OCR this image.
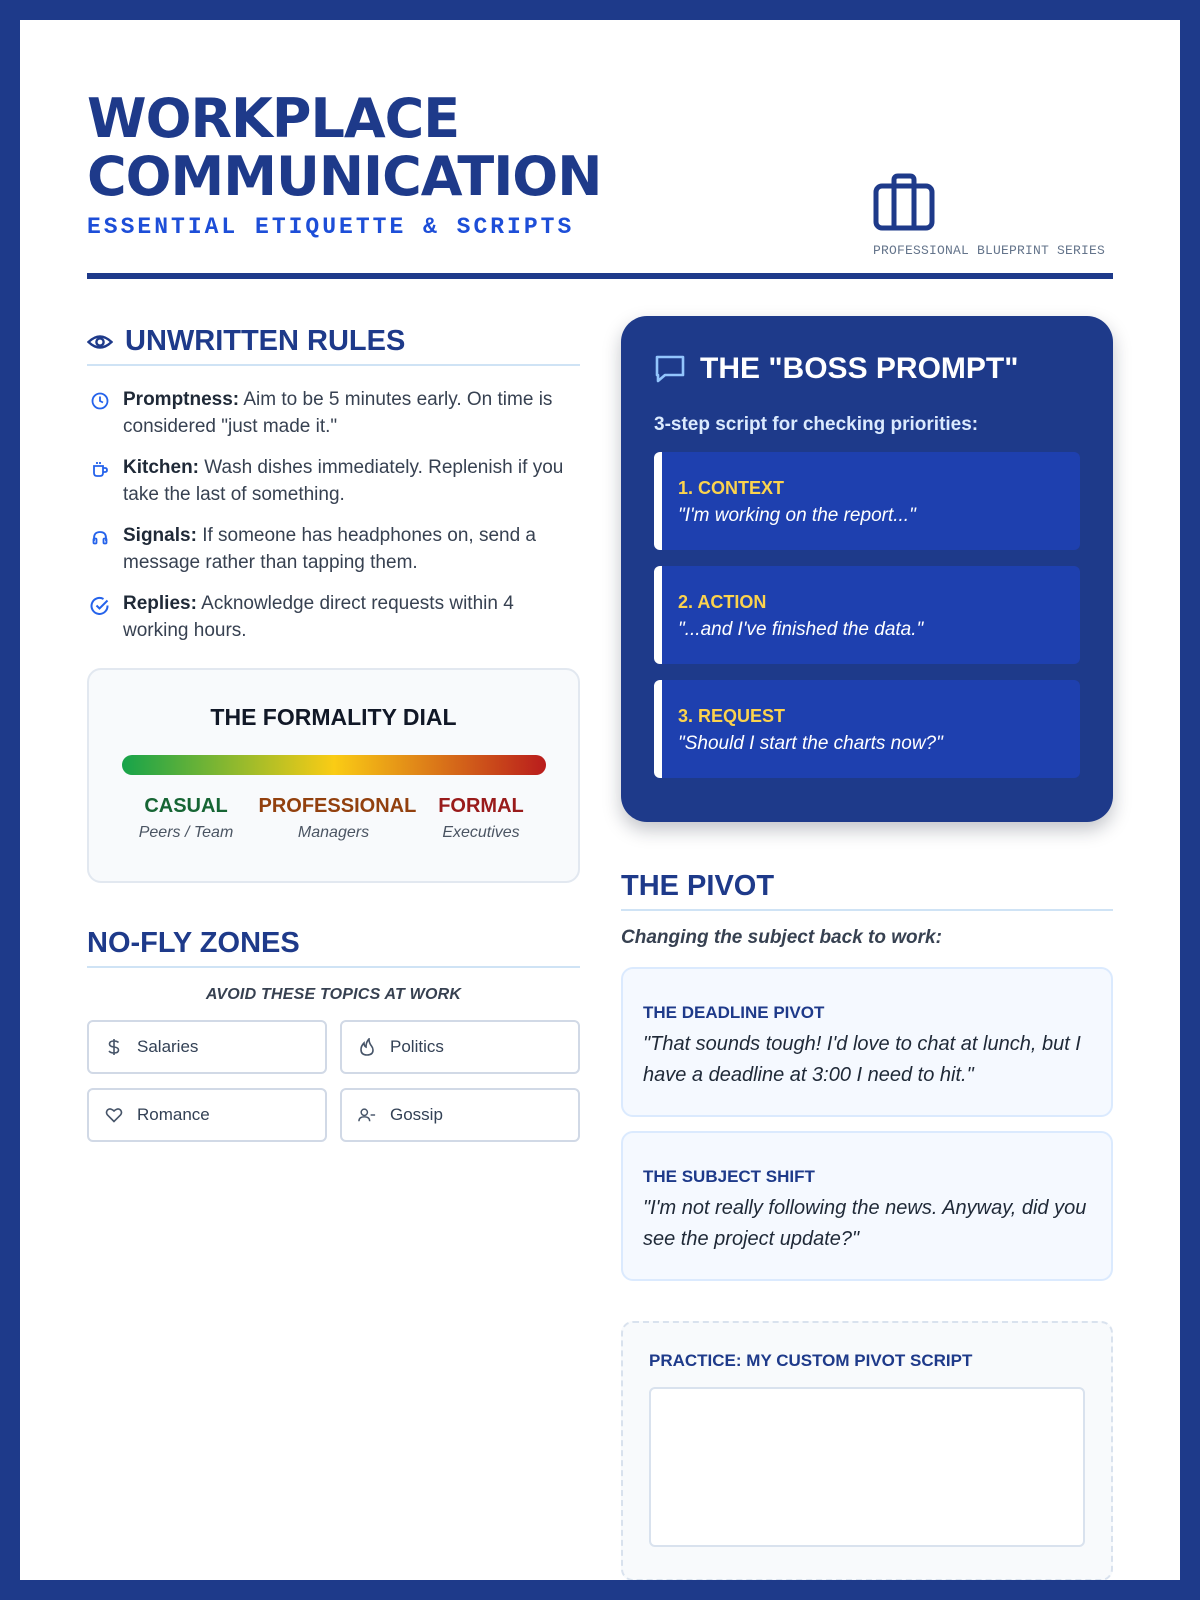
WORKPLACE COMMUNICATION
ESSENTIAL ETIQUETTE & SCRIPTS
PROFESSIONAL BLUEPRINT SERIES
UNWRITTEN RULES
Promptness: Aim to be 5 minutes early. On time is considered "just made it."
Kitchen: Wash dishes immediately. Replenish if you take the last of something.
Signals: If someone has headphones on, send a message rather than tapping them.
Replies: Acknowledge direct requests within 4 working hours.
THE FORMALITY DIAL
CASUAL
Peers / Team
PROFESSIONAL
Managers
FORMAL
Executives
NO-FLY ZONES
AVOID THESE TOPICS AT WORK
Salaries	Politics
Romance	Gossip
THE "BOSS PROMPT"
3-step script for checking priorities:
1. CONTEXT
"I'm working on the report..."
2. ACTION
"...and I've finished the data."
3. REQUEST
"Should I start the charts now?"
THE PIVOT
Changing the subject back to work:
THE DEADLINE PIVOT
"That sounds tough! I'd love to chat at lunch, but I have a deadline at 3:00 I need to hit."
THE SUBJECT SHIFT
"I'm not really following the news. Anyway, did you see the project update?"
PRACTICE: MY CUSTOM PIVOT SCRIPT
